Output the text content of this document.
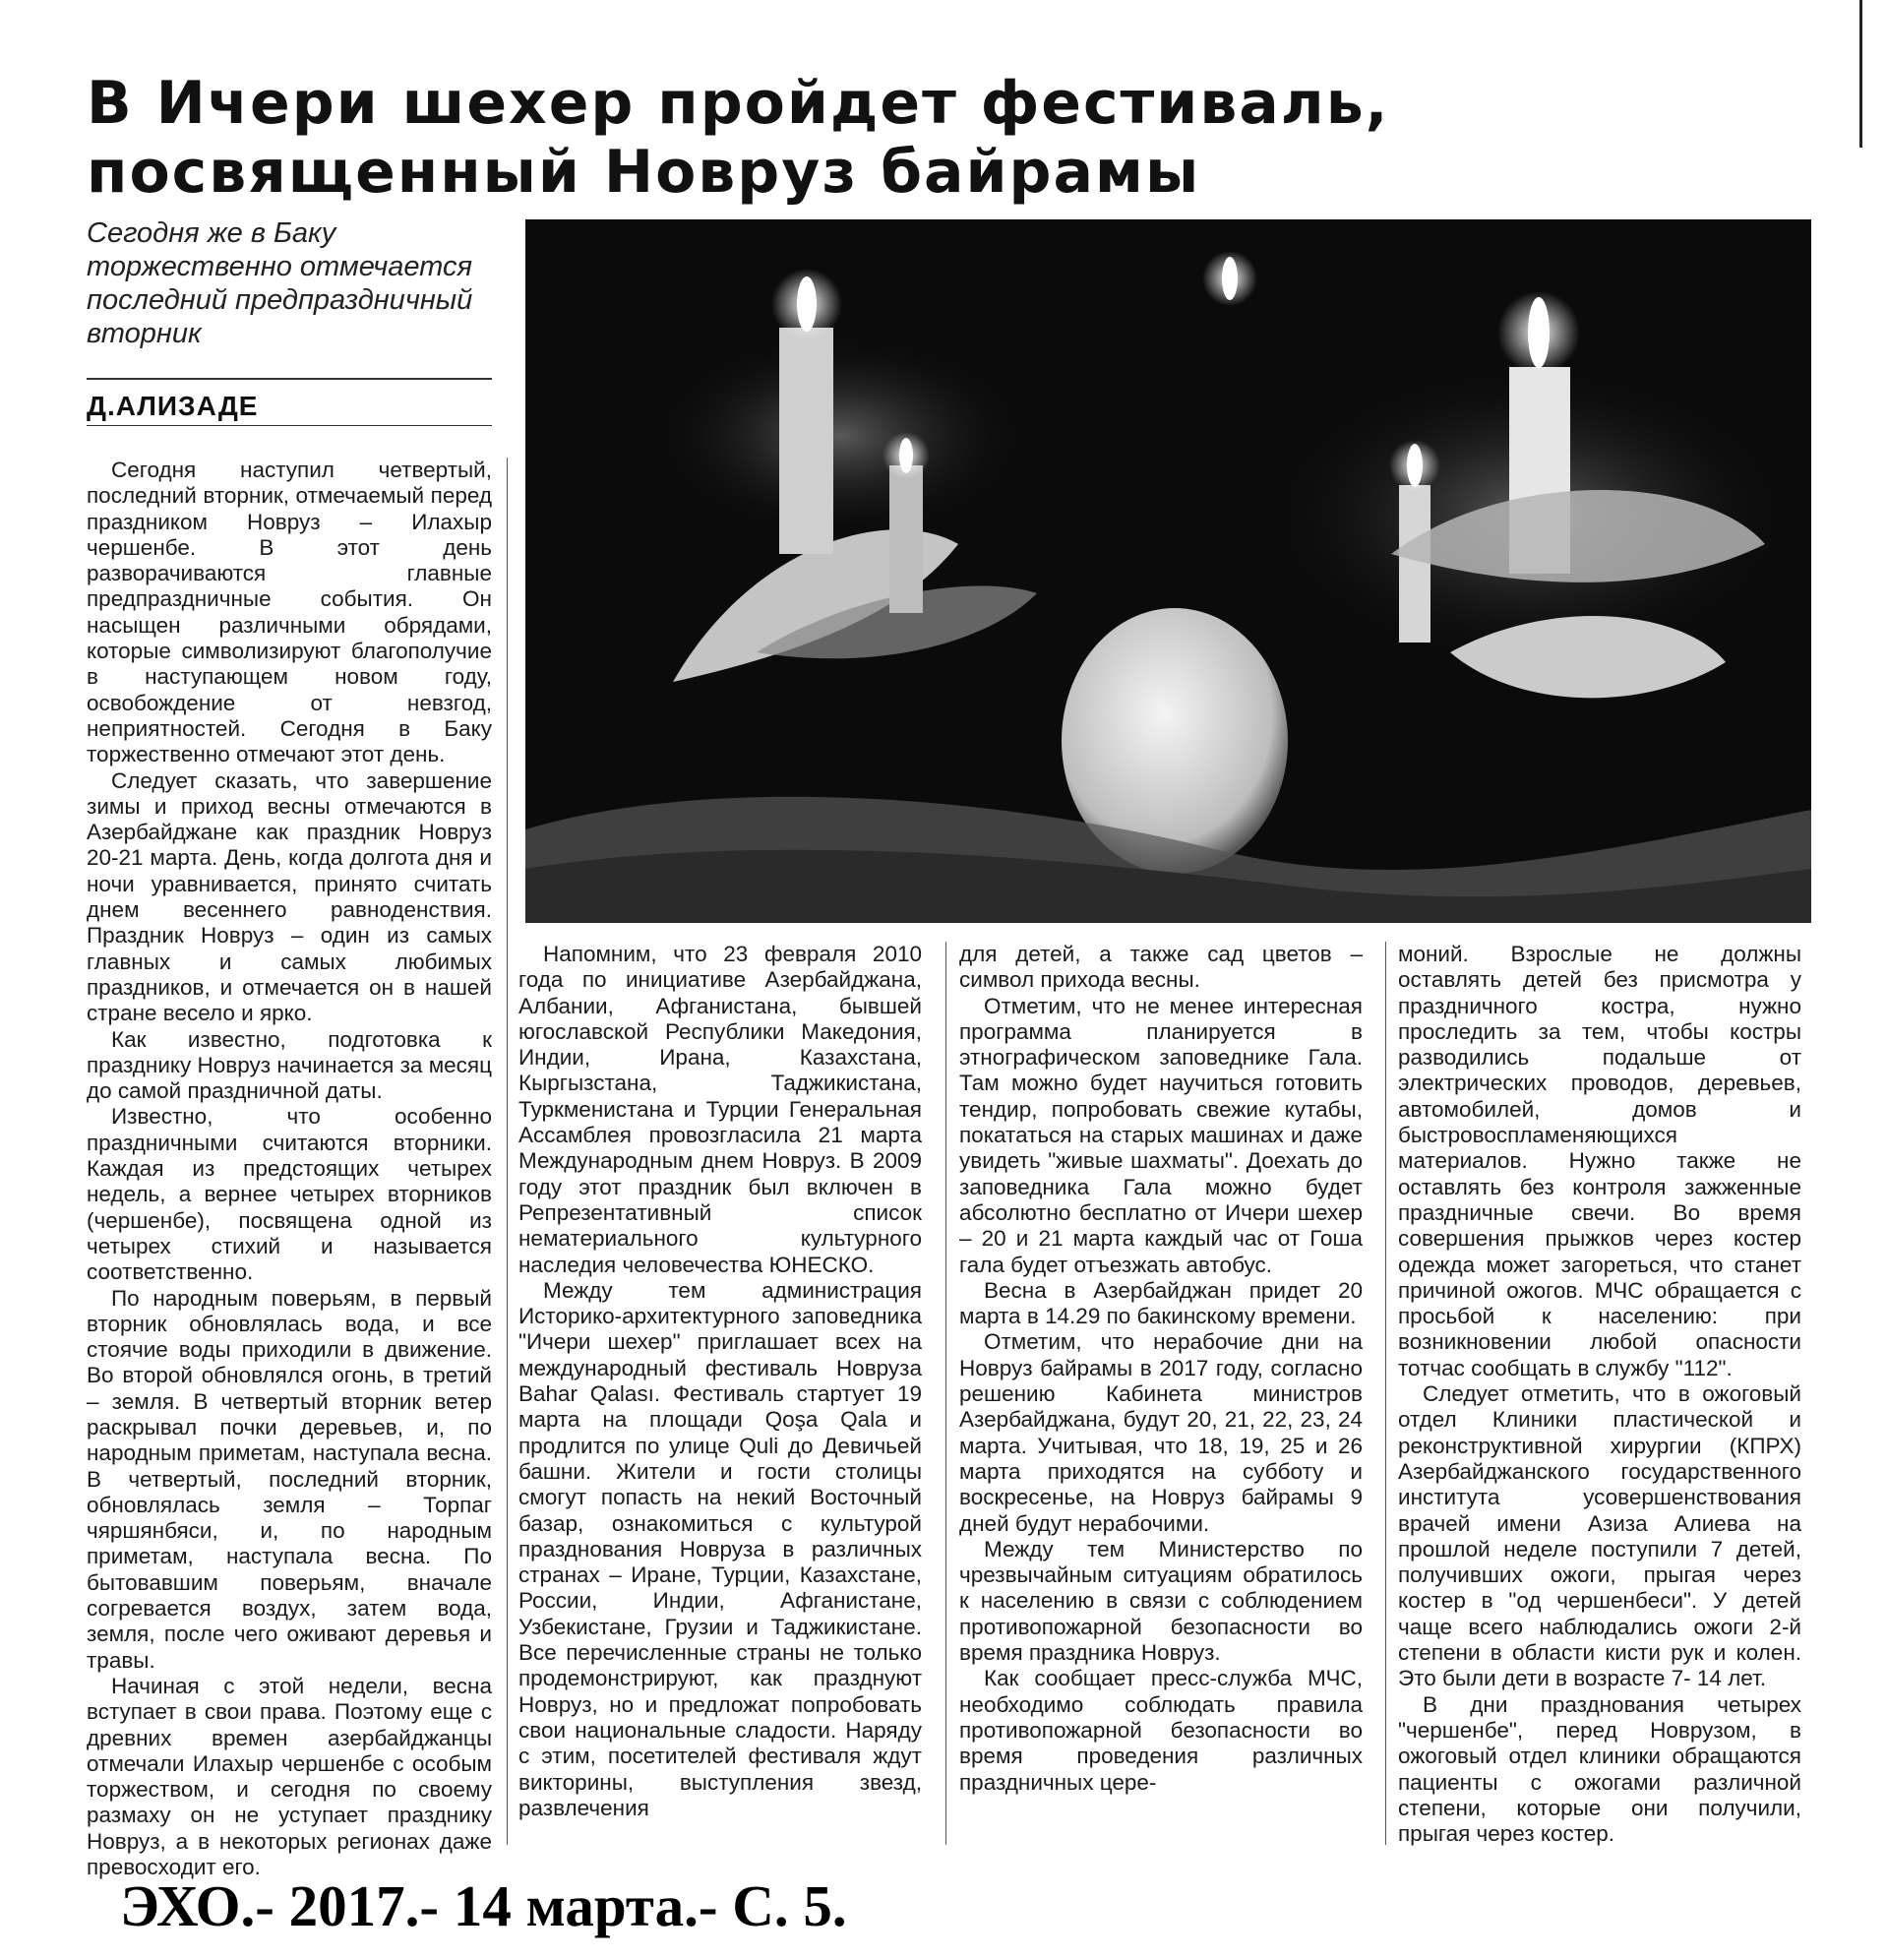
В Ичери шехер пройдет фестиваль,
посвященный Новруз байрамы

Сегодня же в Баку торжественно отмечается последний предпраздничный вторник

Д.АЛИЗАДЕ

Сегодня наступил четвертый, последний вторник, отмечаемый перед праздником Новруз – Илахыр чершенбе. В этот день разворачиваются главные предпраздничные события. Он насыщен различными обрядами, которые символизируют благополучие в наступающем новом году, освобождение от невзгод, неприятностей. Сегодня в Баку торжественно отмечают этот день.

Следует сказать, что завершение зимы и приход весны отмечаются в Азербайджане как праздник Новруз 20-21 марта. День, когда долгота дня и ночи уравнивается, принято считать днем весеннего равноденствия. Праздник Новруз – один из самых главных и самых любимых праздников, и отмечается он в нашей стране весело и ярко.

Как известно, подготовка к празднику Новруз начинается за месяц до самой праздничной даты.

Известно, что особенно праздничными считаются вторники. Каждая из предстоящих четырех недель, а вернее четырех вторников (чершенбе), посвящена одной из четырех стихий и называется соответственно.

По народным поверьям, в первый вторник обновлялась вода, и все стоячие воды приходили в движение. Во второй обновлялся огонь, в третий – земля. В четвертый вторник ветер раскрывал почки деревьев, и, по народным приметам, наступала весна. В четвертый, последний вторник, обновлялась земля – Торпаг чяршянбяси, и, по народным приметам, наступала весна. По бытовавшим поверьям, вначале согревается воздух, затем вода, земля, после чего оживают деревья и травы.

Начиная с этой недели, весна вступает в свои права. Поэтому еще с древних времен азербайджанцы отмечали Илахыр чершенбе с особым торжеством, и сегодня по своему размаху он не уступает празднику Новруз, а в некоторых регионах даже превосходит его.

Напомним, что 23 февраля 2010 года по инициативе Азербайджана, Албании, Афганистана, бывшей югославской Республики Македония, Индии, Ирана, Казахстана, Кыргызстана, Таджикистана, Туркменистана и Турции Генеральная Ассамблея провозгласила 21 марта Международным днем Новруз. В 2009 году этот праздник был включен в Репрезентативный список нематериального культурного наследия человечества ЮНЕСКО.

Между тем администрация Историко-архитектурного заповедника "Ичери шехер" приглашает всех на международный фестиваль Новруза Bahar Qalası. Фестиваль стартует 19 марта на площади Qoşa Qala и продлится по улице Quli до Девичьей башни. Жители и гости столицы смогут попасть на некий Восточный базар, ознакомиться с культурой празднования Новруза в различных странах – Иране, Турции, Казахстане, России, Индии, Афганистане, Узбекистане, Грузии и Таджикистане. Все перечисленные страны не только продемонстрируют, как празднуют Новруз, но и предложат попробовать свои национальные сладости. Наряду с этим, посетителей фестиваля ждут викторины, выступления звезд, развлечения

для детей, а также сад цветов – символ прихода весны.

Отметим, что не менее интересная программа планируется в этнографическом заповеднике Гала. Там можно будет научиться готовить тендир, попробовать свежие кутабы, покататься на старых машинах и даже увидеть "живые шахматы". Доехать до заповедника Гала можно будет абсолютно бесплатно от Ичери шехер – 20 и 21 марта каждый час от Гоша гала будет отъезжать автобус.

Весна в Азербайджан придет 20 марта в 14.29 по бакинскому времени.

Отметим, что нерабочие дни на Новруз байрамы в 2017 году, согласно решению Кабинета министров Азербайджана, будут 20, 21, 22, 23, 24 марта. Учитывая, что 18, 19, 25 и 26 марта приходятся на субботу и воскресенье, на Новруз байрамы 9 дней будут нерабочими.

Между тем Министерство по чрезвычайным ситуациям обратилось к населению в связи с соблюдением противопожарной безопасности во время праздника Новруз.

Как сообщает пресс-служба МЧС, необходимо соблюдать правила противопожарной безопасности во время проведения различных праздничных цере-

моний. Взрослые не должны оставлять детей без присмотра у праздничного костра, нужно проследить за тем, чтобы костры разводились подальше от электрических проводов, деревьев, автомобилей, домов и быстровоспламеняющихся материалов. Нужно также не оставлять без контроля зажженные праздничные свечи. Во время совершения прыжков через костер одежда может загореться, что станет причиной ожогов. МЧС обращается с просьбой к населению: при возникновении любой опасности тотчас сообщать в службу "112".

Следует отметить, что в ожоговый отдел Клиники пластической и реконструктивной хирургии (КПРХ) Азербайджанского государственного института усовершенствования врачей имени Азиза Алиева на прошлой неделе поступили 7 детей, получивших ожоги, прыгая через костер в "од чершенбеси". У детей чаще всего наблюдались ожоги 2-й степени в области кисти рук и колен. Это были дети в возрасте 7- 14 лет.

В дни празднования четырех "чершенбе", перед Новрузом, в ожоговый отдел клиники обращаются пациенты с ожогами различной степени, которые они получили, прыгая через костер.

ЭХО.- 2017.- 14 марта.- С. 5.
